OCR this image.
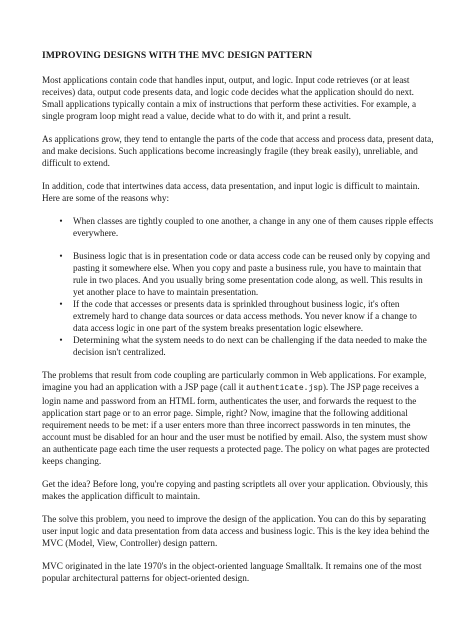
IMPROVING DESIGNS WITH THE MVC DESIGN PATTERN

Most applications contain code that handles input, output, and logic. Input code retrieves (or at least receives) data, output code presents data, and logic code decides what the application should do next. Small applications typically contain a mix of instructions that perform these activities. For example, a single program loop might read a value, decide what to do with it, and print a result.

As applications grow, they tend to entangle the parts of the code that access and process data, present data, and make decisions. Such applications become increasingly fragile (they break easily), unreliable, and difficult to extend.

In addition, code that intertwines data access, data presentation, and input logic is difficult to maintain. Here are some of the reasons why:

• When classes are tightly coupled to one another, a change in any one of them causes ripple effects everywhere.
• Business logic that is in presentation code or data access code can be reused only by copying and pasting it somewhere else. When you copy and paste a business rule, you have to maintain that rule in two places. And you usually bring some presentation code along, as well. This results in yet another place to have to maintain presentation.
• If the code that accesses or presents data is sprinkled throughout business logic, it's often extremely hard to change data sources or data access methods. You never know if a change to data access logic in one part of the system breaks presentation logic elsewhere.
• Determining what the system needs to do next can be challenging if the data needed to make the decision isn't centralized.

The problems that result from code coupling are particularly common in Web applications. For example, imagine you had an application with a JSP page (call it authenticate.jsp). The JSP page receives a login name and password from an HTML form, authenticates the user, and forwards the request to the application start page or to an error page. Simple, right? Now, imagine that the following additional requirement needs to be met: if a user enters more than three incorrect passwords in ten minutes, the account must be disabled for an hour and the user must be notified by email. Also, the system must show an authenticate page each time the user requests a protected page. The policy on what pages are protected keeps changing.

Get the idea? Before long, you're copying and pasting scriptlets all over your application. Obviously, this makes the application difficult to maintain.

The solve this problem, you need to improve the design of the application. You can do this by separating user input logic and data presentation from data access and business logic. This is the key idea behind the MVC (Model, View, Controller) design pattern.

MVC originated in the late 1970's in the object-oriented language Smalltalk. It remains one of the most popular architectural patterns for object-oriented design.
